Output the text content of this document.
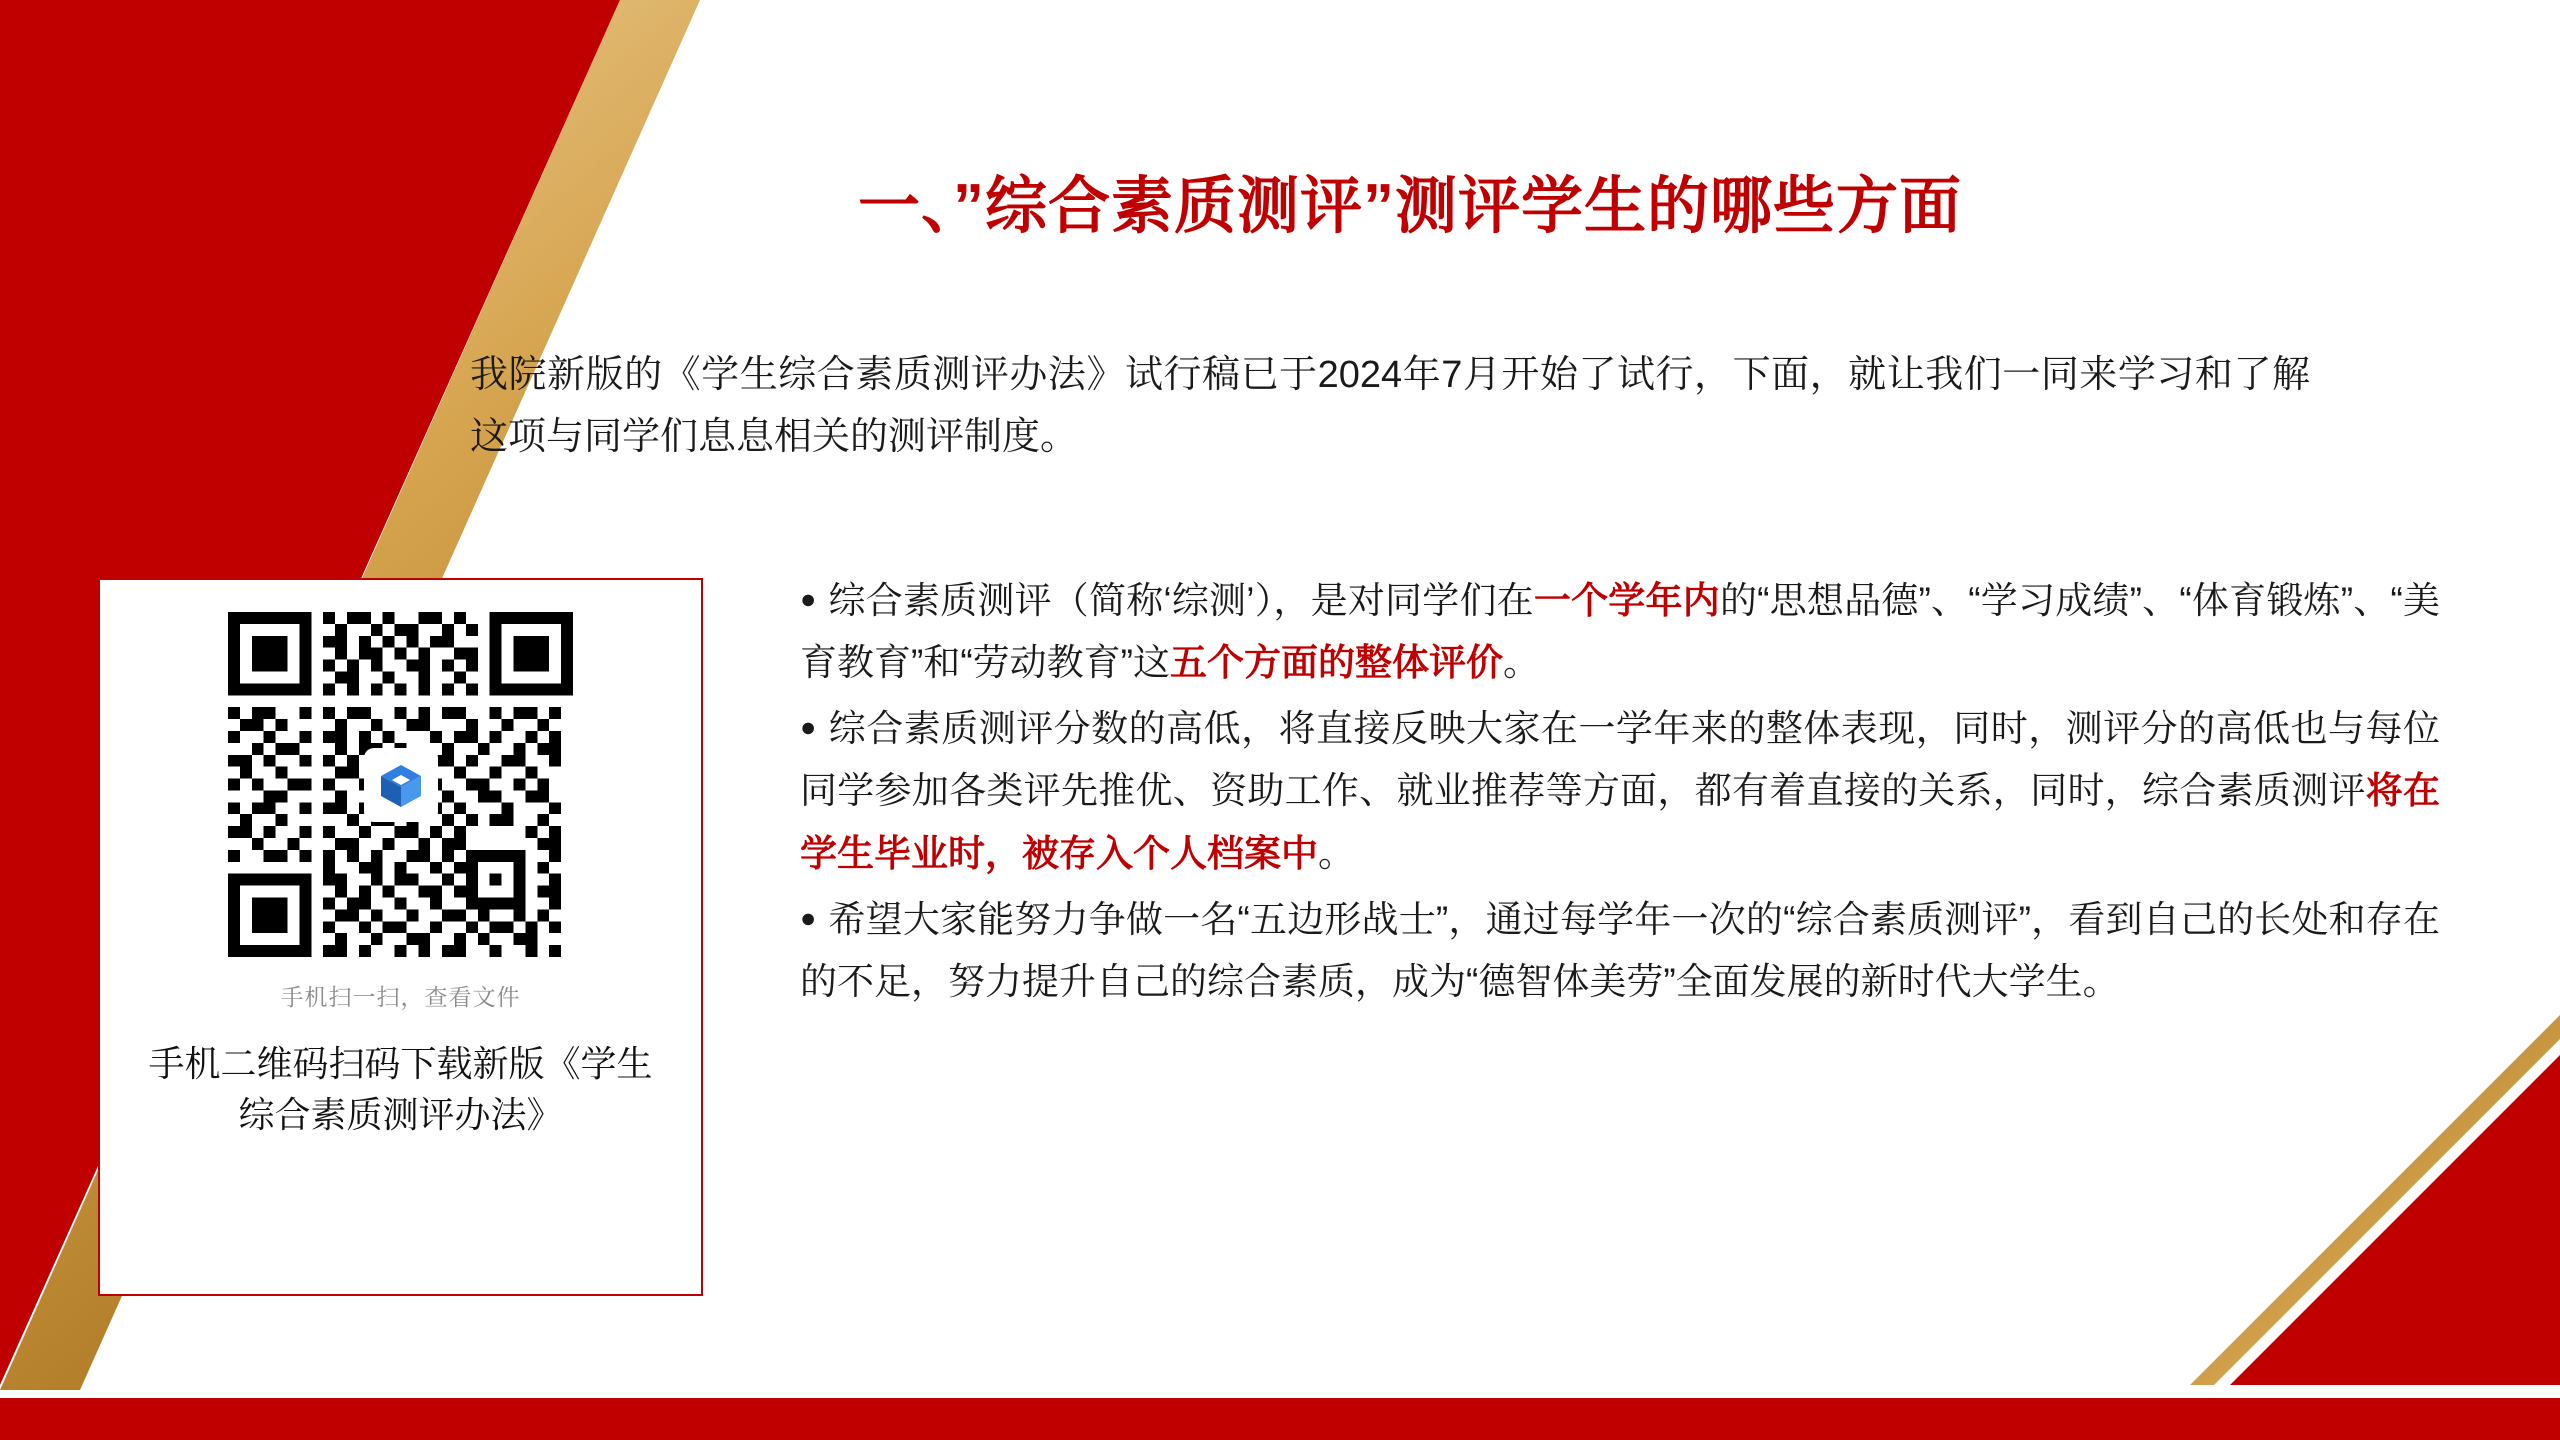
一、”综合素质测评”测评学生的哪些方面
我院新版的《学生综合素质测评办法》试行稿已于2024年7月开始了试行，下面，就让我们一同来学习和了解这项与同学们息息相关的测评制度。
手机扫一扫，查看文件
手机二维码扫码下载新版《学生综合素质测评办法》
● 综合素质测评（简称‘综测’），是对同学们在一个学年内的“思想品德”、“学习成绩”、“体育锻炼”、“美育教育”和“劳动教育”这五个方面的整体评价。
● 综合素质测评分数的高低，将直接反映大家在一学年来的整体表现，同时，测评分的高低也与每位同学参加各类评先推优、资助工作、就业推荐等方面，都有着直接的关系，同时，综合素质测评将在学生毕业时，被存入个人档案中。
● 希望大家能努力争做一名“五边形战士”，通过每学年一次的“综合素质测评”，看到自己的长处和存在的不足，努力提升自己的综合素质，成为“德智体美劳”全面发展的新时代大学生。
